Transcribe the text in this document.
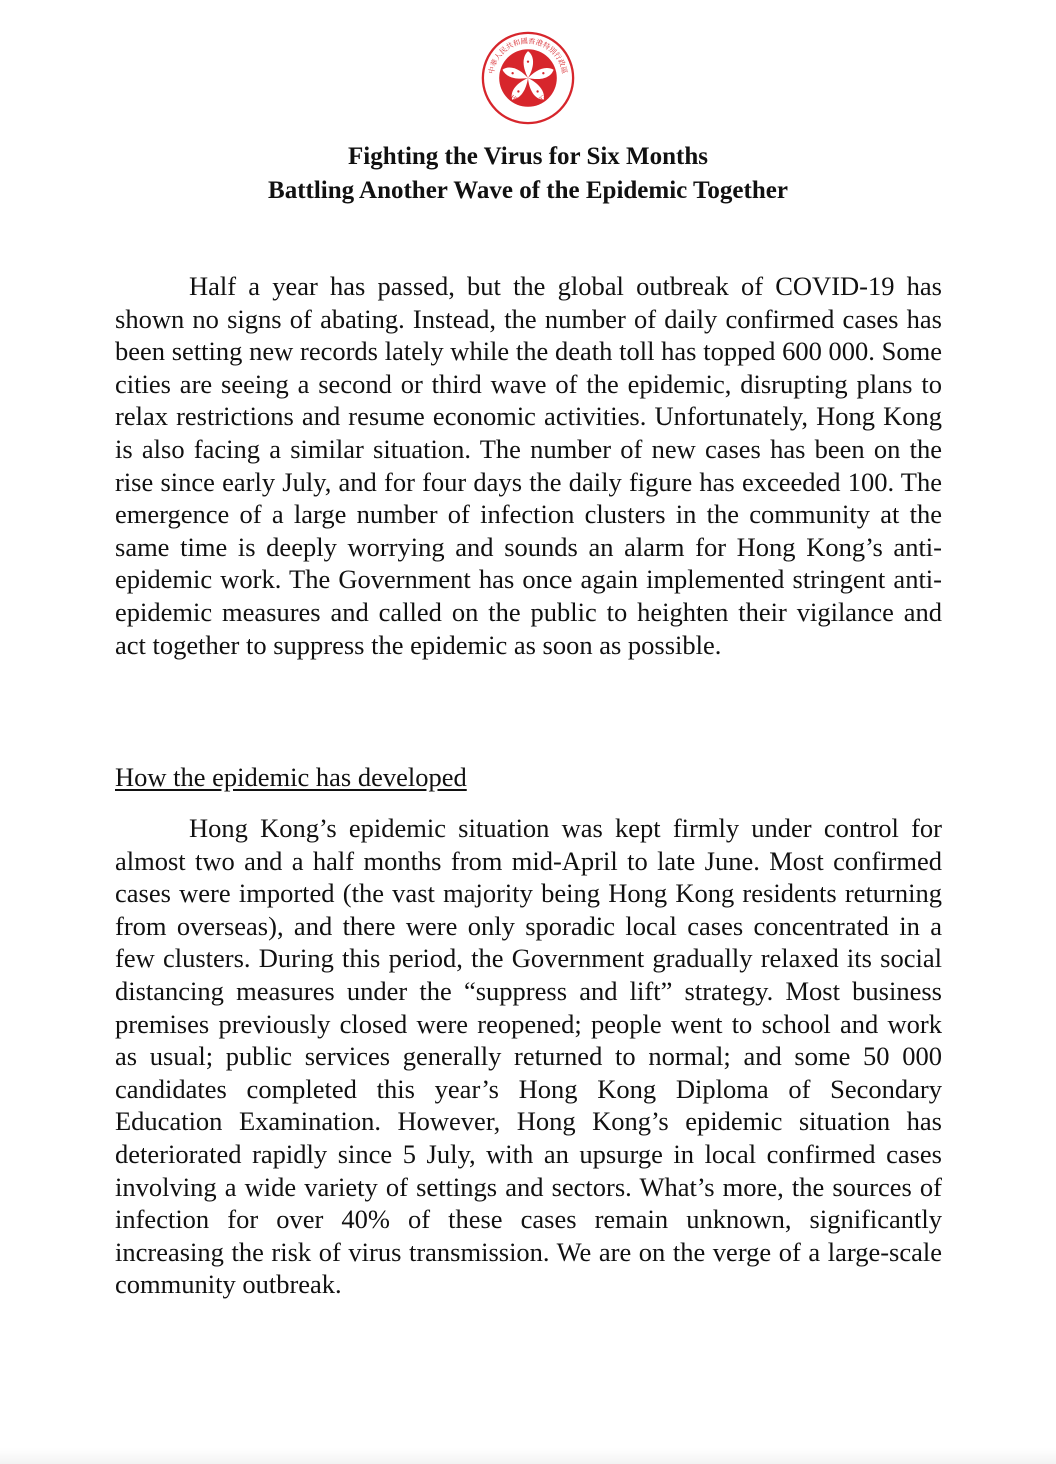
中華人民共和國香港特別行政區
HONG KONG
Fighting the Virus for Six Months
Battling Another Wave of the Epidemic Together

Half a year has passed, but the global outbreak of COVID-19 has shown no signs of abating. Instead, the number of daily confirmed cases has been setting new records lately while the death toll has topped 600 000. Some cities are seeing a second or third wave of the epidemic, disrupting plans to relax restrictions and resume economic activities. Unfortunately, Hong Kong is also facing a similar situation. The number of new cases has been on the rise since early July, and for four days the daily figure has exceeded 100. The emergence of a large number of infection clusters in the community at the same time is deeply worrying and sounds an alarm for Hong Kong’s anti-epidemic work. The Government has once again implemented stringent anti-epidemic measures and called on the public to heighten their vigilance and act together to suppress the epidemic as soon as possible.

How the epidemic has developed

Hong Kong’s epidemic situation was kept firmly under control for almost two and a half months from mid-April to late June. Most confirmed cases were imported (the vast majority being Hong Kong residents returning from overseas), and there were only sporadic local cases concentrated in a few clusters. During this period, the Government gradually relaxed its social distancing measures under the “suppress and lift” strategy. Most business premises previously closed were reopened; people went to school and work as usual; public services generally returned to normal; and some 50 000 candidates completed this year’s Hong Kong Diploma of Secondary Education Examination. However, Hong Kong’s epidemic situation has deteriorated rapidly since 5 July, with an upsurge in local confirmed cases involving a wide variety of settings and sectors. What’s more, the sources of infection for over 40% of these cases remain unknown, significantly increasing the risk of virus transmission. We are on the verge of a large-scale community outbreak.
